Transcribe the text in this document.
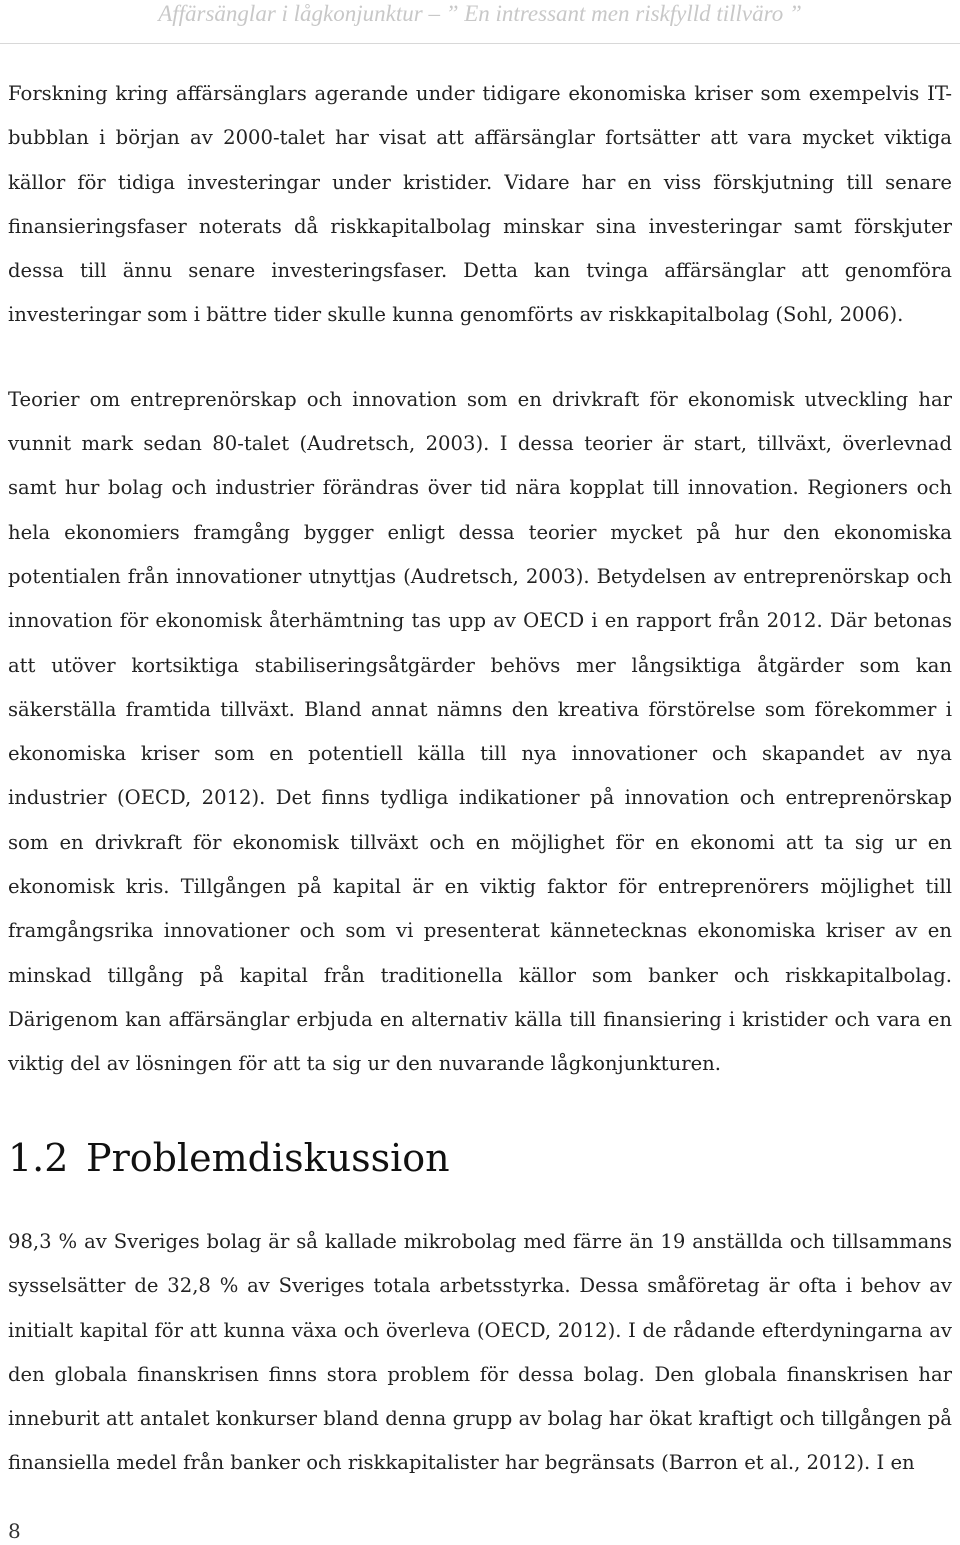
Affärsänglar i lågkonjunktur – ” En intressant men riskfylld tillväro ”

Forskning kring affärsänglars agerande under tidigare ekonomiska kriser som exempelvis IT-bubblan i början av 2000-talet har visat att affärsänglar fortsätter att vara mycket viktiga källor för tidiga investeringar under kristider. Vidare har en viss förskjutning till senare finansieringsfaser noterats då riskkapitalbolag minskar sina investeringar samt förskjuter dessa till ännu senare investeringsfaser. Detta kan tvinga affärsänglar att genomföra investeringar som i bättre tider skulle kunna genomförts av riskkapitalbolag (Sohl, 2006).

Teorier om entreprenörskap och innovation som en drivkraft för ekonomisk utveckling har vunnit mark sedan 80-talet (Audretsch, 2003). I dessa teorier är start, tillväxt, överlevnad samt hur bolag och industrier förändras över tid nära kopplat till innovation. Regioners och hela ekonomiers framgång bygger enligt dessa teorier mycket på hur den ekonomiska potentialen från innovationer utnyttjas (Audretsch, 2003). Betydelsen av entreprenörskap och innovation för ekonomisk återhämtning tas upp av OECD i en rapport från 2012. Där betonas att utöver kortsiktiga stabiliseringsåtgärder behövs mer långsiktiga åtgärder som kan säkerställa framtida tillväxt. Bland annat nämns den kreativa förstörelse som förekommer i ekonomiska kriser som en potentiell källa till nya innovationer och skapandet av nya industrier (OECD, 2012). Det finns tydliga indikationer på innovation och entreprenörskap som en drivkraft för ekonomisk tillväxt och en möjlighet för en ekonomi att ta sig ur en ekonomisk kris. Tillgången på kapital är en viktig faktor för entreprenörers möjlighet till framgångsrika innovationer och som vi presenterat kännetecknas ekonomiska kriser av en minskad tillgång på kapital från traditionella källor som banker och riskkapitalbolag. Därigenom kan affärsänglar erbjuda en alternativ källa till finansiering i kristider och vara en viktig del av lösningen för att ta sig ur den nuvarande lågkonjunkturen.

1.2 Problemdiskussion

98,3 % av Sveriges bolag är så kallade mikrobolag med färre än 19 anställda och tillsammans sysselsätter de 32,8 % av Sveriges totala arbetsstyrka. Dessa småföretag är ofta i behov av initialt kapital för att kunna växa och överleva (OECD, 2012). I de rådande efterdyningarna av den globala finanskrisen finns stora problem för dessa bolag. Den globala finanskrisen har inneburit att antalet konkurser bland denna grupp av bolag har ökat kraftigt och tillgången på finansiella medel från banker och riskkapitalister har begränsats (Barron et al., 2012). I en

8
